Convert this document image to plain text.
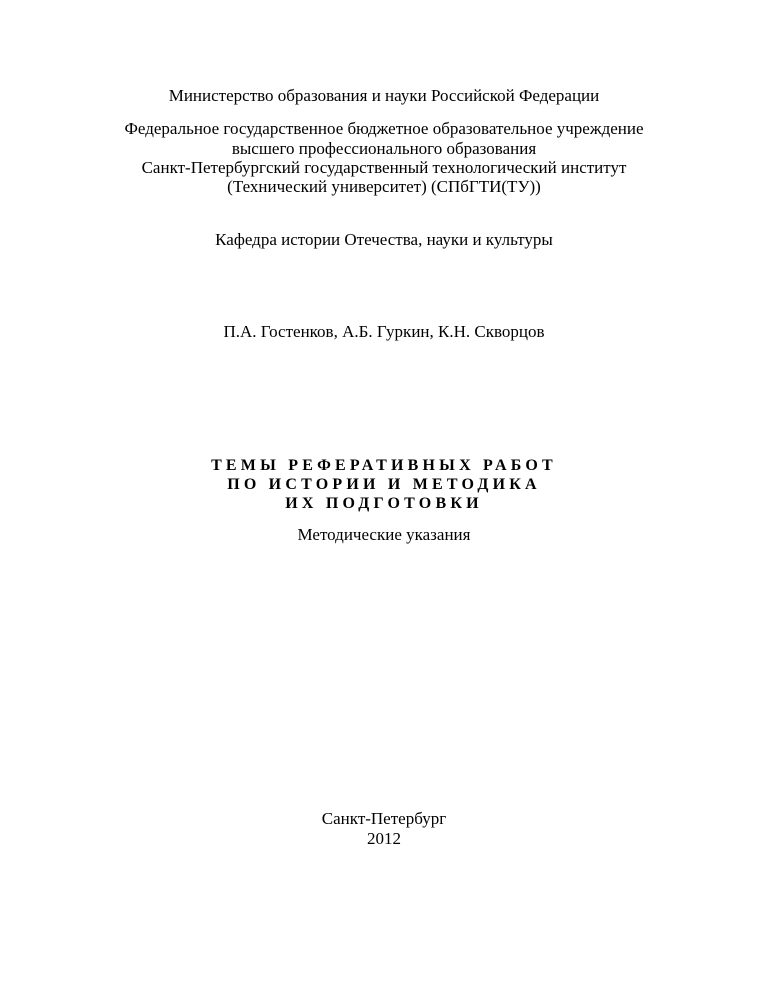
Министерство образования и науки Российской Федерации
Федеральное государственное бюджетное образовательное учреждение
высшего профессионального образования
Санкт-Петербургский государственный технологический институт
(Технический университет) (СПбГТИ(ТУ))
Кафедра истории Отечества, науки и культуры
П.А. Гостенков, А.Б. Гуркин, К.Н. Скворцов
ТЕМЫ РЕФЕРАТИВНЫХ РАБОТ
ПО ИСТОРИИ И МЕТОДИКА
ИХ ПОДГОТОВКИ
Методические указания
Санкт-Петербург
2012
